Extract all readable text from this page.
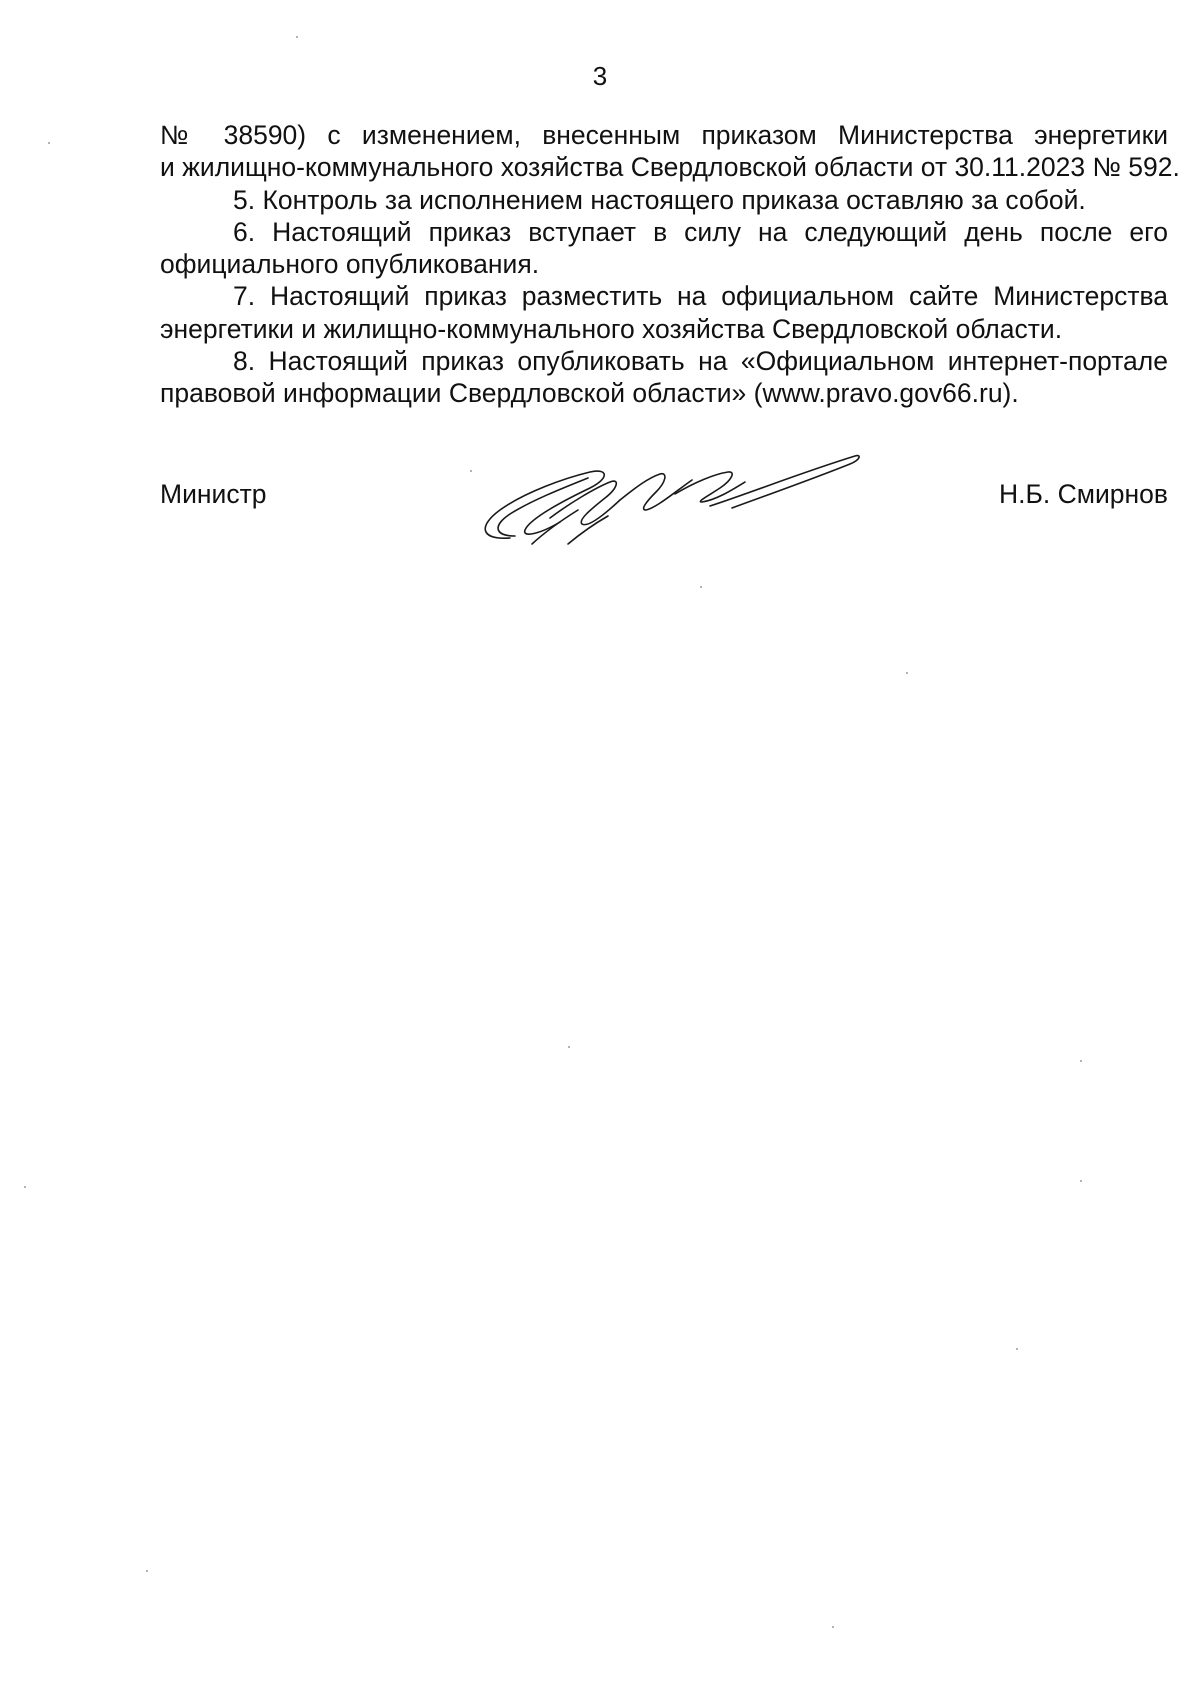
3
№ 38590) с изменением, внесенным приказом Министерства энергетики
и жилищно-коммунального хозяйства Свердловской области от 30.11.2023 № 592.
5. Контроль за исполнением настоящего приказа оставляю за собой.
6. Настоящий приказ вступает в силу на следующий день после его
официального опубликования.
7. Настоящий приказ разместить на официальном сайте Министерства
энергетики и жилищно-коммунального хозяйства Свердловской области.
8. Настоящий приказ опубликовать на «Официальном интернет-портале
правовой информации Свердловской области» (www.pravo.gov66.ru).
Министр	Н.Б. Смирнов
